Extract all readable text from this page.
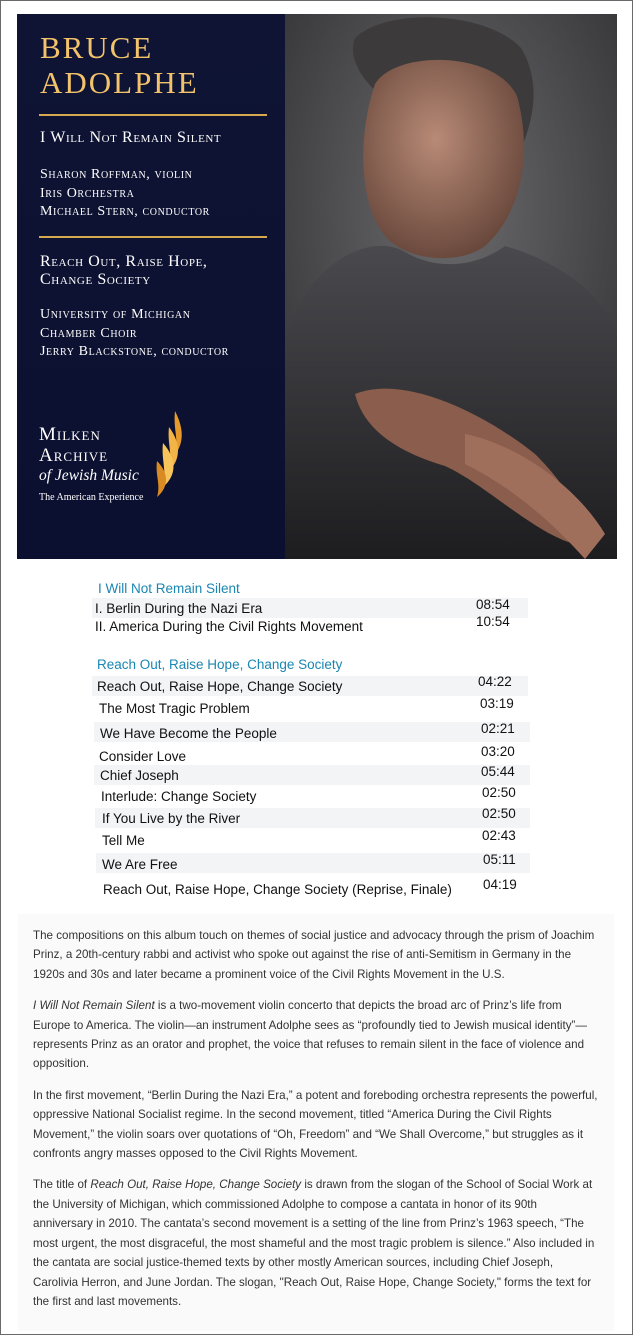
BRUCE
ADOLPHE
I Will Not Remain Silent
Sharon Roffman, violin
Iris Orchestra
Michael Stern, conductor
Reach Out, Raise Hope,
Change Society
University of Michigan
Chamber Choir
Jerry Blackstone, conductor
Milken
Archive
of Jewish Music
The American Experience
I Will Not Remain Silent
I. Berlin During the Nazi Era	08:54
II. America During the Civil Rights Movement	10:54
Reach Out, Raise Hope, Change Society
Reach Out, Raise Hope, Change Society	04:22
The Most Tragic Problem	03:19
We Have Become the People	02:21
Consider Love	03:20
Chief Joseph	05:44
Interlude: Change Society	02:50
If You Live by the River	02:50
Tell Me	02:43
We Are Free	05:11
Reach Out, Raise Hope, Change Society (Reprise, Finale) 04:19

The compositions on this album touch on themes of social justice and advocacy through the prism of Joachim Prinz, a 20th-century rabbi and activist who spoke out against the rise of anti-Semitism in Germany in the 1920s and 30s and later became a prominent voice of the Civil Rights Movement in the U.S.

I Will Not Remain Silent is a two-movement violin concerto that depicts the broad arc of Prinz’s life from Europe to America. The violin—an instrument Adolphe sees as “profoundly tied to Jewish musical identity”—represents Prinz as an orator and prophet, the voice that refuses to remain silent in the face of violence and opposition.

In the first movement, “Berlin During the Nazi Era,” a potent and foreboding orchestra represents the powerful, oppressive National Socialist regime. In the second movement, titled “America During the Civil Rights Movement,” the violin soars over quotations of “Oh, Freedom” and “We Shall Overcome,” but struggles as it confronts angry masses opposed to the Civil Rights Movement.

The title of Reach Out, Raise Hope, Change Society is drawn from the slogan of the School of Social Work at the University of Michigan, which commissioned Adolphe to compose a cantata in honor of its 90th anniversary in 2010. The cantata’s second movement is a setting of the line from Prinz’s 1963 speech, “The most urgent, the most disgraceful, the most shameful and the most tragic problem is silence.” Also included in the cantata are social justice-themed texts by other mostly American sources, including Chief Joseph, Carolivia Herron, and June Jordan. The slogan, "Reach Out, Raise Hope, Change Society," forms the text for the first and last movements.
